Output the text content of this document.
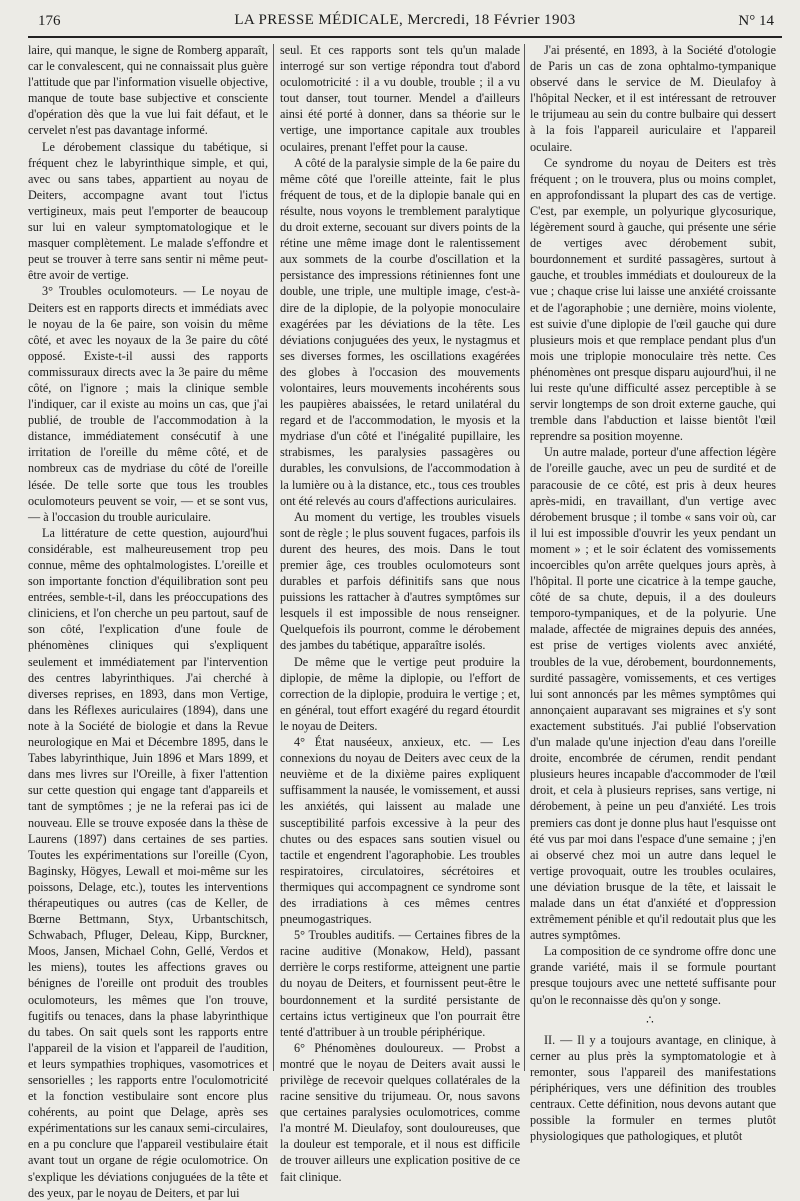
176	LA PRESSE MÉDICALE, Mercredi, 18 Février 1903	N° 14

laire, qui manque, le signe de Romberg apparaît, car le convalescent, qui ne connaissait plus guère l'attitude que par l'information visuelle objective, manque de toute base subjective et consciente d'opération dès que la vue lui fait défaut, et le cervelet n'est pas davantage informé.

Le dérobement classique du tabétique, si fréquent chez le labyrinthique simple, et qui, avec ou sans tabes, appartient au noyau de Deiters, accompagne avant tout l'ictus vertigineux, mais peut l'emporter de beaucoup sur lui en valeur symptomatologique et le masquer complètement. Le malade s'effondre et peut se trouver à terre sans sentir ni même peut-être avoir de vertige.

3° Troubles oculomoteurs. — Le noyau de Deiters est en rapports directs et immédiats avec le noyau de la 6e paire, son voisin du même côté, et avec les noyaux de la 3e paire du côté opposé. Existe-t-il aussi des rapports commissuraux directs avec la 3e paire du même côté, on l'ignore ; mais la clinique semble l'indiquer, car il existe au moins un cas, que j'ai publié, de trouble de l'accommodation à la distance, immédiatement consécutif à une irritation de l'oreille du même côté, et de nombreux cas de mydriase du côté de l'oreille lésée. De telle sorte que tous les troubles oculomoteurs peuvent se voir, — et se sont vus, — à l'occasion du trouble auriculaire.

La littérature de cette question, aujourd'hui considérable, est malheureusement trop peu connue, même des ophtalmologistes. L'oreille et son importante fonction d'équilibration sont peu entrées, semble-t-il, dans les préoccupations des cliniciens, et l'on cherche un peu partout, sauf de son côté, l'explication d'une foule de phénomènes cliniques qui s'expliquent seulement et immédiatement par l'intervention des centres labyrinthiques. J'ai cherché à diverses reprises, en 1893, dans mon Vertige, dans les Réflexes auriculaires (1894), dans une note à la Société de biologie et dans la Revue neurologique en Mai et Décembre 1895, dans le Tabes labyrinthique, Juin 1896 et Mars 1899, et dans mes livres sur l'Oreille, à fixer l'attention sur cette question qui engage tant d'appareils et tant de symptômes ; je ne la referai pas ici de nouveau. Elle se trouve exposée dans la thèse de Laurens (1897) dans certaines de ses parties. Toutes les expérimentations sur l'oreille (Cyon, Baginsky, Högyes, Lewall et moi-même sur les poissons, Delage, etc.), toutes les interventions thérapeutiques ou autres (cas de Keller, de Bœrne Bettmann, Styx, Urbantschitsch, Schwabach, Pfluger, Deleau, Kipp, Burckner, Moos, Jansen, Michael Cohn, Gellé, Verdos et les miens), toutes les affections graves ou bénignes de l'oreille ont produit des troubles oculomoteurs, les mêmes que l'on trouve, fugitifs ou tenaces, dans la phase labyrinthique du tabes. On sait quels sont les rapports entre l'appareil de la vision et l'appareil de l'audition, et leurs sympathies trophiques, vasomotrices et sensorielles ; les rapports entre l'oculomotricité et la fonction vestibulaire sont encore plus cohérents, au point que Delage, après ses expérimentations sur les canaux semi-circulaires, en a pu conclure que l'appareil vestibulaire était avant tout un organe de régie oculomotrice. On s'explique les déviations conjuguées de la tête et des yeux, par le noyau de Deiters, et par lui

seul. Et ces rapports sont tels qu'un malade interrogé sur son vertige répondra tout d'abord oculomotricité : il a vu double, trouble ; il a vu tout danser, tout tourner. Mendel a d'ailleurs ainsi été porté à donner, dans sa théorie sur le vertige, une importance capitale aux troubles oculaires, prenant l'effet pour la cause.

A côté de la paralysie simple de la 6e paire du même côté que l'oreille atteinte, fait le plus fréquent de tous, et de la diplopie banale qui en résulte, nous voyons le tremblement paralytique du droit externe, secouant sur divers points de la rétine une même image dont le ralentissement aux sommets de la courbe d'oscillation et la persistance des impressions rétiniennes font une double, une triple, une multiple image, c'est-à-dire de la diplopie, de la polyopie monoculaire exagérées par les déviations de la tête. Les déviations conjuguées des yeux, le nystagmus et ses diverses formes, les oscillations exagérées des globes à l'occasion des mouvements volontaires, leurs mouvements incohérents sous les paupières abaissées, le retard unilatéral du regard et de l'accommodation, le myosis et la mydriase d'un côté et l'inégalité pupillaire, les strabismes, les paralysies passagères ou durables, les convulsions, de l'accommodation à la lumière ou à la distance, etc., tous ces troubles ont été relevés au cours d'affections auriculaires.

Au moment du vertige, les troubles visuels sont de règle ; le plus souvent fugaces, parfois ils durent des heures, des mois. Dans le tout premier âge, ces troubles oculomoteurs sont durables et parfois définitifs sans que nous puissions les rattacher à d'autres symptômes sur lesquels il est impossible de nous renseigner. Quelquefois ils pourront, comme le dérobement des jambes du tabétique, apparaître isolés.

De même que le vertige peut produire la diplopie, de même la diplopie, ou l'effort de correction de la diplopie, produira le vertige ; et, en général, tout effort exagéré du regard étourdit le noyau de Deiters.

4° État nauséeux, anxieux, etc. — Les connexions du noyau de Deiters avec ceux de la neuvième et de la dixième paires expliquent suffisamment la nausée, le vomissement, et aussi les anxiétés, qui laissent au malade une susceptibilité parfois excessive à la peur des chutes ou des espaces sans soutien visuel ou tactile et engendrent l'agoraphobie. Les troubles respiratoires, circulatoires, sécrétoires et thermiques qui accompagnent ce syndrome sont des irradiations à ces mêmes centres pneumogastriques.

5° Troubles auditifs. — Certaines fibres de la racine auditive (Monakow, Held), passant derrière le corps restiforme, atteignent une partie du noyau de Deiters, et fournissent peut-être le bourdonnement et la surdité persistante de certains ictus vertigineux que l'on pourrait être tenté d'attribuer à un trouble périphérique.

6° Phénomènes douloureux. — Probst a montré que le noyau de Deiters avait aussi le privilège de recevoir quelques collatérales de la racine sensitive du trijumeau. Or, nous savons que certaines paralysies oculomotrices, comme l'a montré M. Dieulafoy, sont douloureuses, que la douleur est temporale, et il nous est difficile de trouver ailleurs une explication positive de ce fait clinique.

J'ai présenté, en 1893, à la Société d'otologie de Paris un cas de zona ophtalmo-tympanique observé dans le service de M. Dieulafoy à l'hôpital Necker, et il est intéressant de retrouver le trijumeau au sein du contre bulbaire qui dessert à la fois l'appareil auriculaire et l'appareil oculaire.

Ce syndrome du noyau de Deiters est très fréquent ; on le trouvera, plus ou moins complet, en approfondissant la plupart des cas de vertige. C'est, par exemple, un polyurique glycosurique, légèrement sourd à gauche, qui présente une série de vertiges avec dérobement subit, bourdonnement et surdité passagères, surtout à gauche, et troubles immédiats et douloureux de la vue ; chaque crise lui laisse une anxiété croissante et de l'agoraphobie ; une dernière, moins violente, est suivie d'une diplopie de l'œil gauche qui dure plusieurs mois et que remplace pendant plus d'un mois une triplopie monoculaire très nette. Ces phénomènes ont presque disparu aujourd'hui, il ne lui reste qu'une difficulté assez perceptible à se servir longtemps de son droit externe gauche, qui tremble dans l'abduction et laisse bientôt l'œil reprendre sa position moyenne.

Un autre malade, porteur d'une affection légère de l'oreille gauche, avec un peu de surdité et de paracousie de ce côté, est pris à deux heures après-midi, en travaillant, d'un vertige avec dérobement brusque ; il tombe « sans voir où, car il lui est impossible d'ouvrir les yeux pendant un moment » ; et le soir éclatent des vomissements incoercibles qu'on arrête quelques jours après, à l'hôpital. Il porte une cicatrice à la tempe gauche, côté de sa chute, depuis, il a des douleurs temporo-tympaniques, et de la polyurie. Une malade, affectée de migraines depuis des années, est prise de vertiges violents avec anxiété, troubles de la vue, dérobement, bourdonnements, surdité passagère, vomissements, et ces vertiges lui sont annoncés par les mêmes symptômes qui annonçaient auparavant ses migraines et s'y sont exactement substitués. J'ai publié l'observation d'un malade qu'une injection d'eau dans l'oreille droite, encombrée de cérumen, rendit pendant plusieurs heures incapable d'accommoder de l'œil droit, et cela à plusieurs reprises, sans vertige, ni dérobement, à peine un peu d'anxiété. Les trois premiers cas dont je donne plus haut l'esquisse ont été vus par moi dans l'espace d'une semaine ; j'en ai observé chez moi un autre dans lequel le vertige provoquait, outre les troubles oculaires, une déviation brusque de la tête, et laissait le malade dans un état d'anxiété et d'oppression extrêmement pénible et qu'il redoutait plus que les autres symptômes.

La composition de ce syndrome offre donc une grande variété, mais il se formule pourtant presque toujours avec une netteté suffisante pour qu'on le reconnaisse dès qu'on y songe.

∴

II. — Il y a toujours avantage, en clinique, à cerner au plus près la symptomatologie et à remonter, sous l'appareil des manifestations périphériques, vers une définition des troubles centraux. Cette définition, nous devons autant que possible la formuler en termes plutôt physiologiques que pathologiques, et plutôt
